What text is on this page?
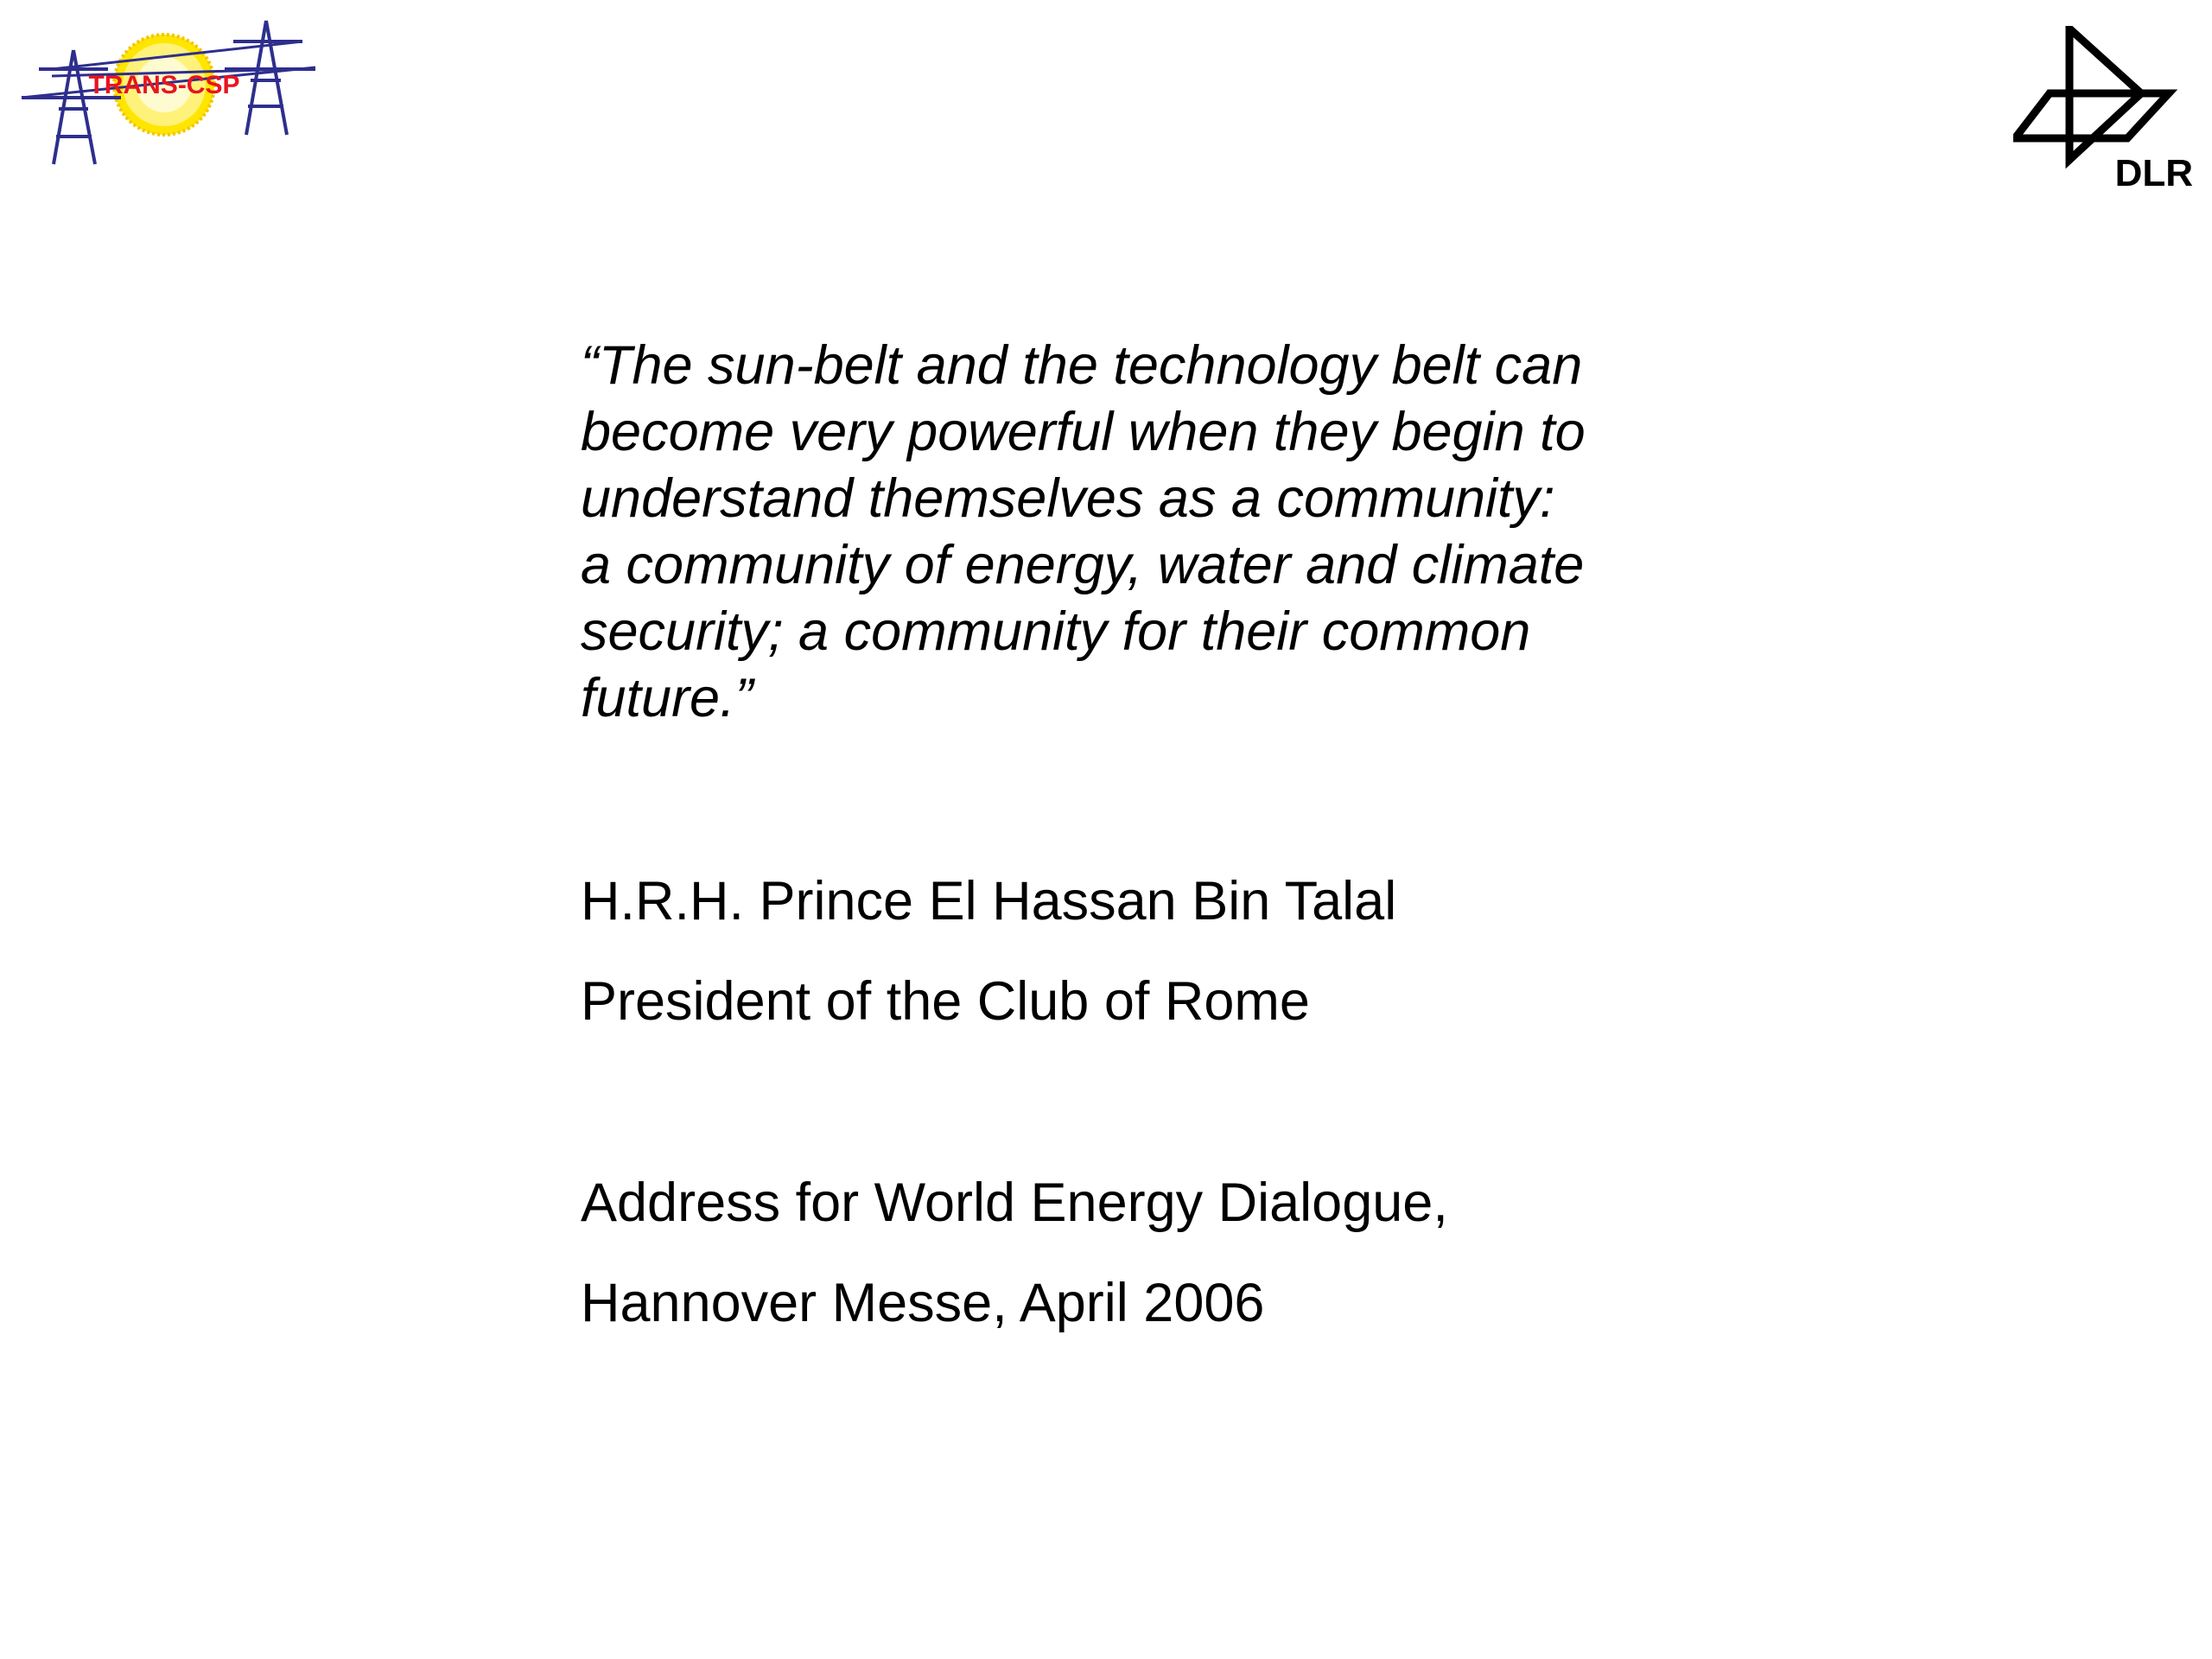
TRANS-CSP
DLR

“The sun-belt and the technology belt can
become very powerful when they begin to
understand themselves as a community:
a community of energy, water and climate
security; a community for their common
future.”

H.R.H. Prince El Hassan Bin Talal

President of the Club of Rome

Address for World Energy Dialogue,

Hannover Messe, April 2006
